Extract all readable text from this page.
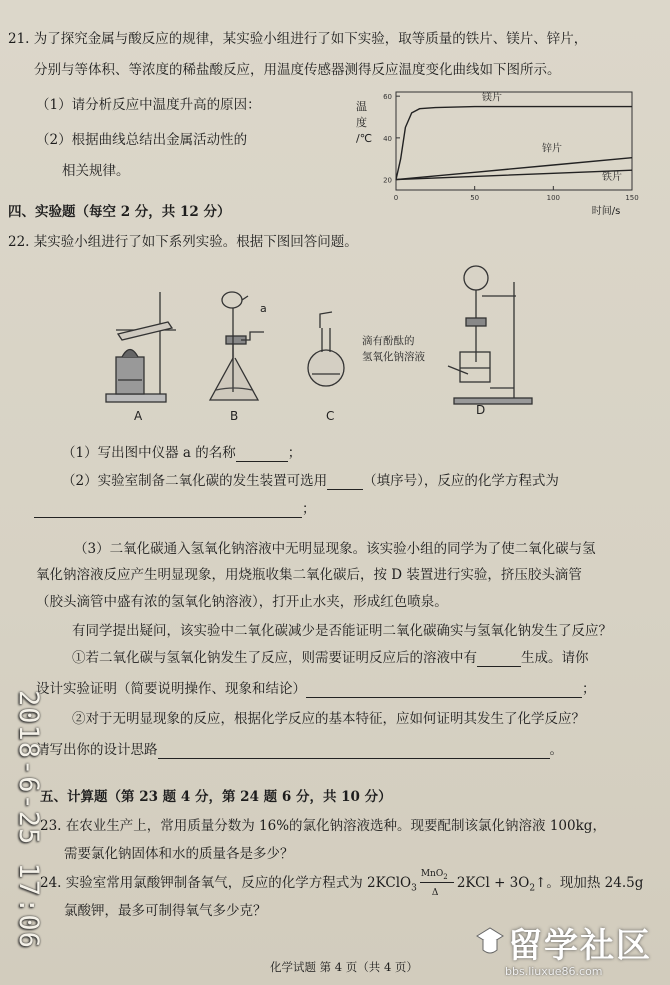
21. 为了探究金属与酸反应的规律，某实验小组进行了如下实验，取等质量的铁片、镁片、锌片，
分别与等体积、等浓度的稀盐酸反应，用温度传感器测得反应温度变化曲线如下图所示。
（1）请分析反应中温度升高的原因：
（2）根据曲线总结出金属活动性的
相关规律。
温
度
/℃
60
40
20
0	50	100	150
时间/s
镁片
锌片
铁片
四、实验题（每空 2 分，共 12 分）
22. 某实验小组进行了如下系列实验。根据下图回答问题。
A	B	C	D
a
滴有酚酞的
氢氧化钠溶液
（1）写出图中仪器 a 的名称	；
（2）实验室制备二氧化碳的发生装置可选用	（填序号），反应的化学方程式为
；
（3）二氧化碳通入氢氧化钠溶液中无明显现象。该实验小组的同学为了使二氧化碳与氢
氧化钠溶液反应产生明显现象，用烧瓶收集二氧化碳后，按 D 装置进行实验，挤压胶头滴管
（胶头滴管中盛有浓的氢氧化钠溶液），打开止水夹，形成红色喷泉。
有同学提出疑问，该实验中二氧化碳减少是否能证明二氧化碳确实与氢氧化钠发生了反应？
①若二氧化碳与氢氧化钠发生了反应，则需要证明反应后的溶液中有	生成。请你
设计实验证明（简要说明操作、现象和结论）	；
②对于无明显现象的反应，根据化学反应的基本特征，应如何证明其发生了化学反应？
请写出你的设计思路	。
五、计算题（第 23 题 4 分，第 24 题 6 分，共 10 分）
23. 在农业生产上，常用质量分数为 16%的氯化钠溶液选种。现要配制该氯化钠溶液 100kg，
需要氯化钠固体和水的质量各是多少？
24. 实验室常用氯酸钾制备氧气，反应的化学方程式为 2KClO$_3$
MnO$_2$
Δ
$2KCl + 3O_2↑$。现加热 24.5g
氯酸钾，最多可制得氧气多少克？
化学试题 第 4 页（共 4 页）
2018-6-25 17:06	留学社区
bbs.liuxue86.com
